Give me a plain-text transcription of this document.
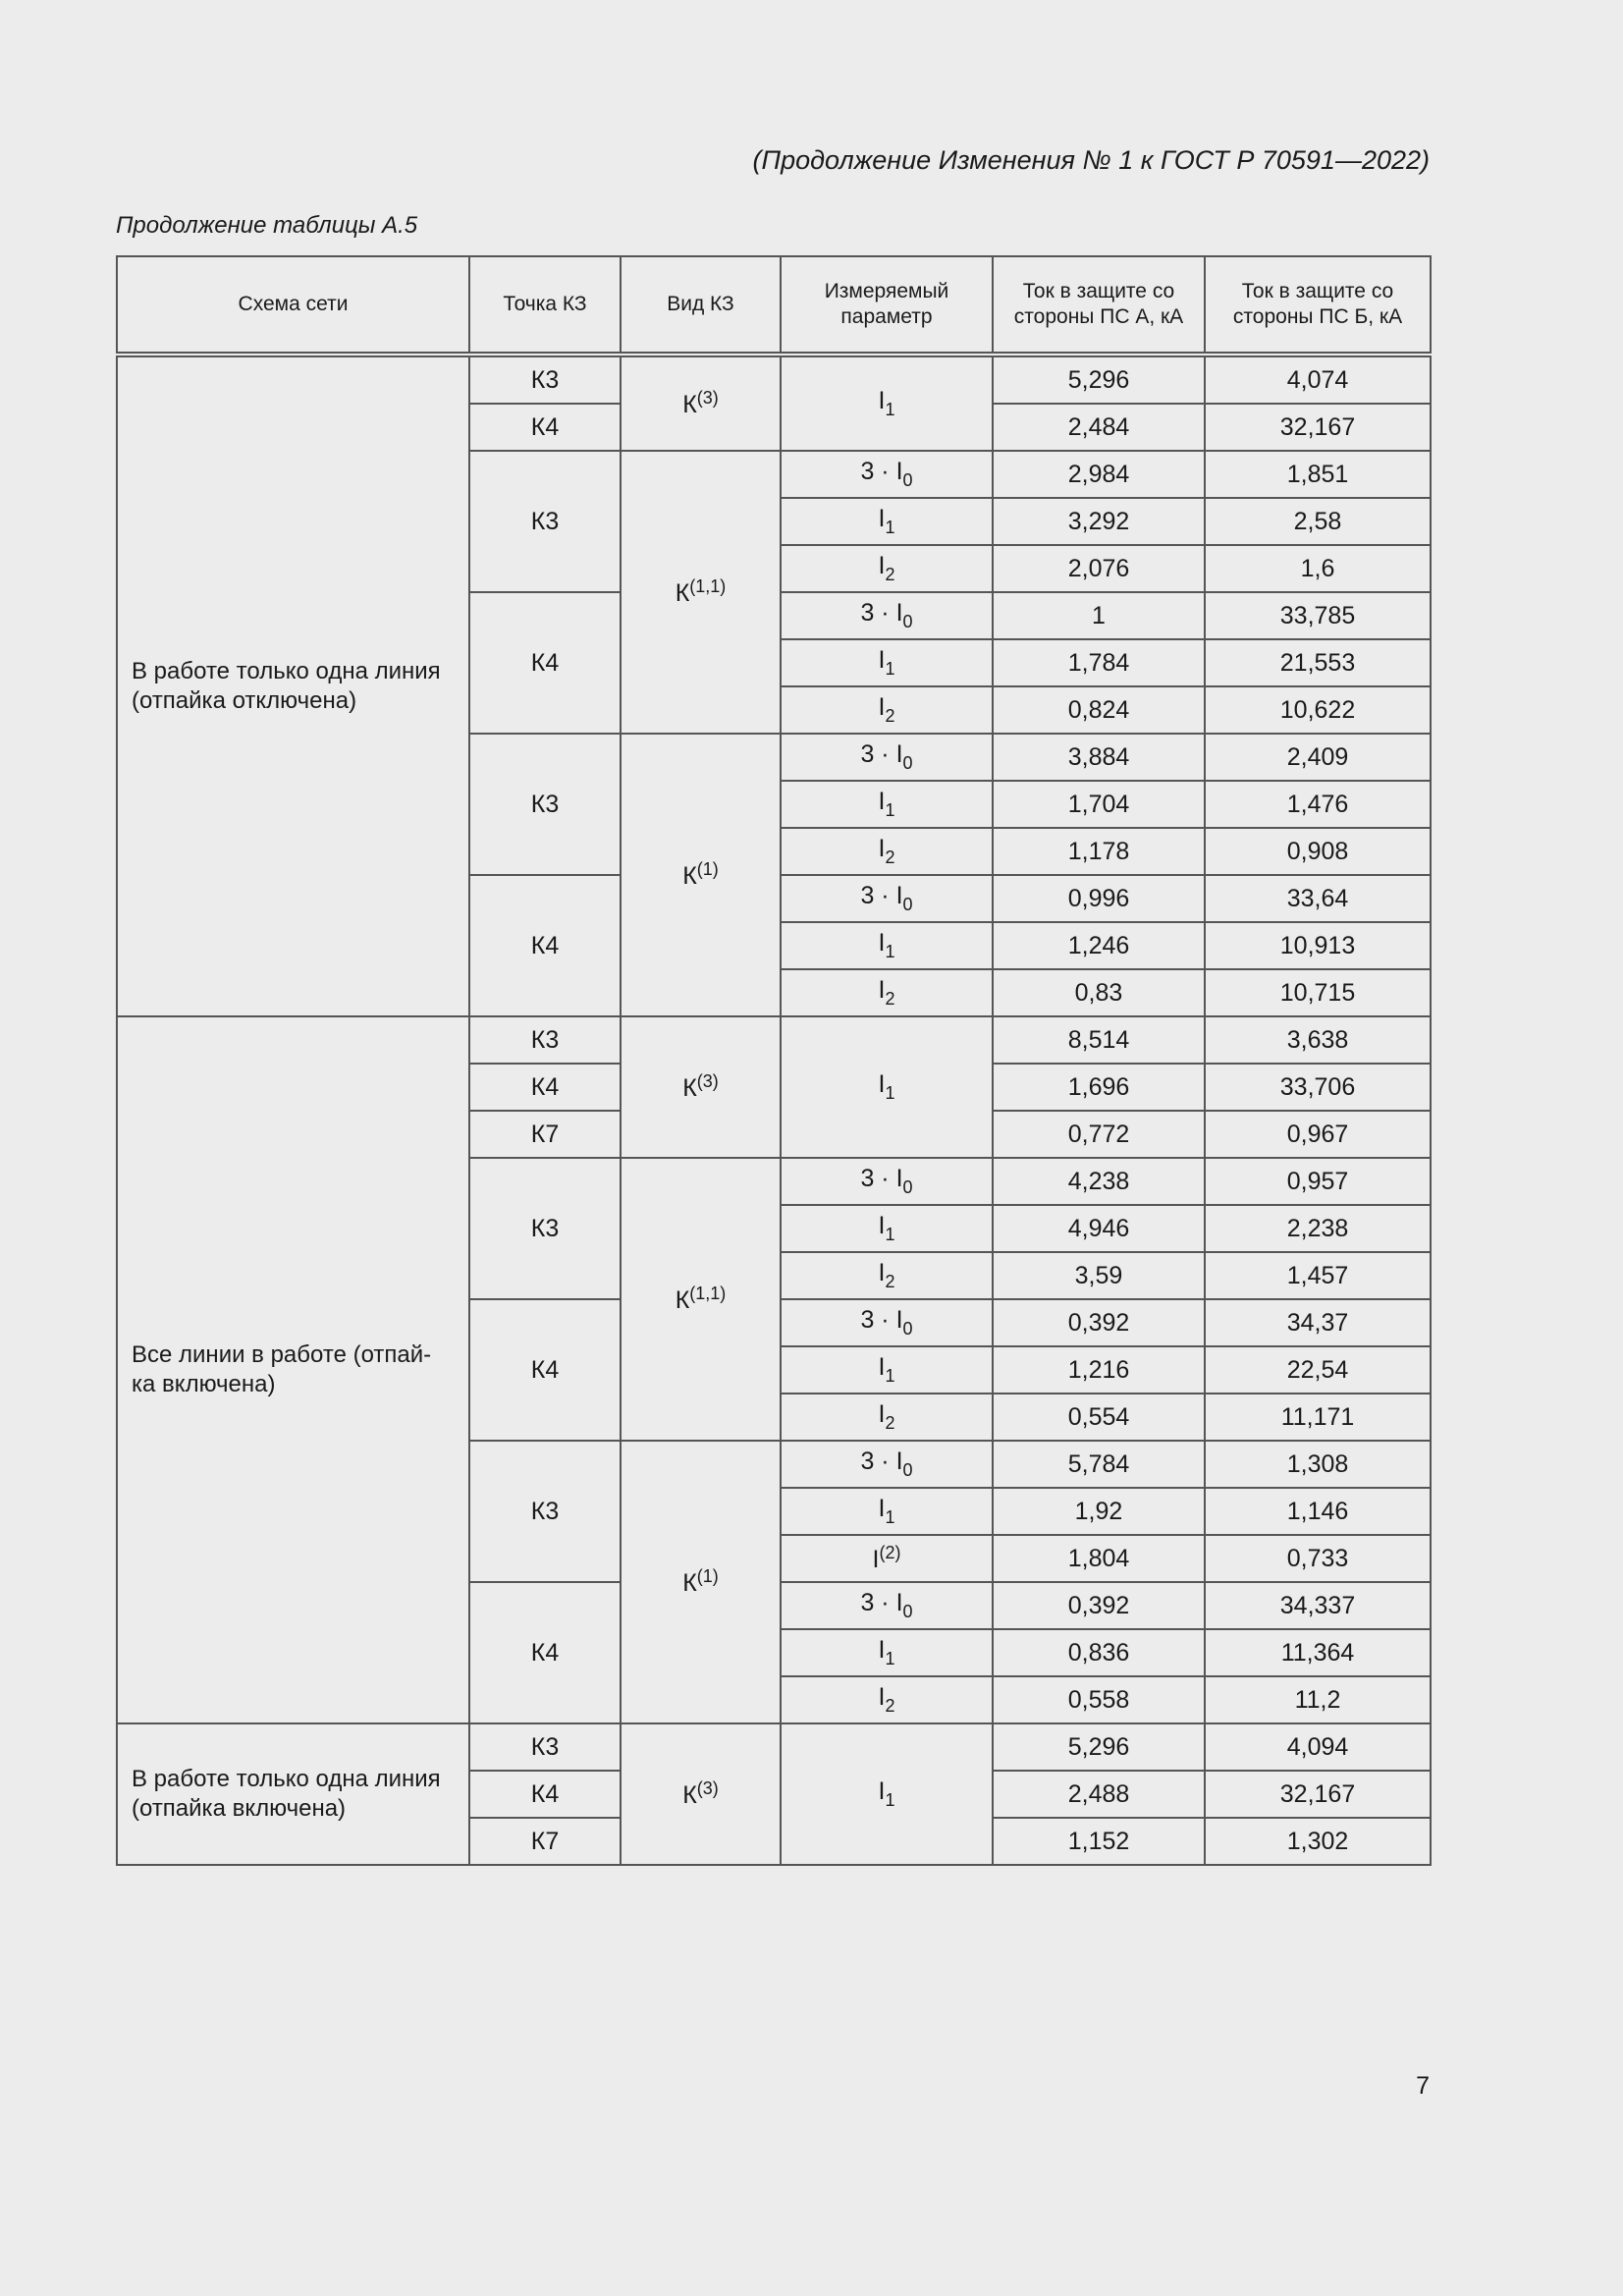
(Продолжение Изменения № 1 к ГОСТ Р 70591—2022)
Продолжение таблицы А.5
Схема сети	Точка КЗ	Вид КЗ	Измеряемый параметр	Ток в защите со стороны ПС А, кА	Ток в защите со стороны ПС Б, кА
В работе только одна линия (отпайка отключена)	К3	$К^{(3)}$	$I_1$	5,296	4,074
	К4			2,484	32,167
	К3	К$^{(1,1)}$	$3 \cdot I_0$	2,984	1,851
			$I_1$	3,292	2,58
			$I_2$	2,076	1,6
	К4		$3 \cdot I_0$	1	33,785
			$I_1$	1,784	21,553
			$I_2$	0,824	10,622
	К3	$К^{(1)}$	$3 \cdot I_0$	3,884	2,409
			$I_1$	1,704	1,476
			$I_2$	1,178	0,908
	К4		$3 \cdot I_0$	0,996	33,64
			$I_1$	1,246	10,913
			$I_2$	0,83	10,715
Все линии в работе (отпай-ка включена)	К3	$К^{(3)}$	$I_1$	8,514	3,638
	К4			1,696	33,706
	К7			0,772	0,967
	К3	К$^{(1,1)}$	$3 \cdot I_0$	4,238	0,957
			$I_1$	4,946	2,238
			$I_2$	3,59	1,457
	К4		$3 \cdot I_0$	0,392	34,37
			$I_1$	1,216	22,54
			$I_2$	0,554	11,171
	К3	$К^{(1)}$	$3 \cdot I_0$	5,784	1,308
			$I_1$	1,92	1,146
			$I^{(2)}$	1,804	0,733
	К4		$3 \cdot I_0$	0,392	34,337
			$I_1$	0,836	11,364
			$I_2$	0,558	11,2
В работе только одна линия (отпайка включена)	К3	$К^{(3)}$	$I_1$	5,296	4,094
	К4			2,488	32,167
	К7			1,152	1,302
7
